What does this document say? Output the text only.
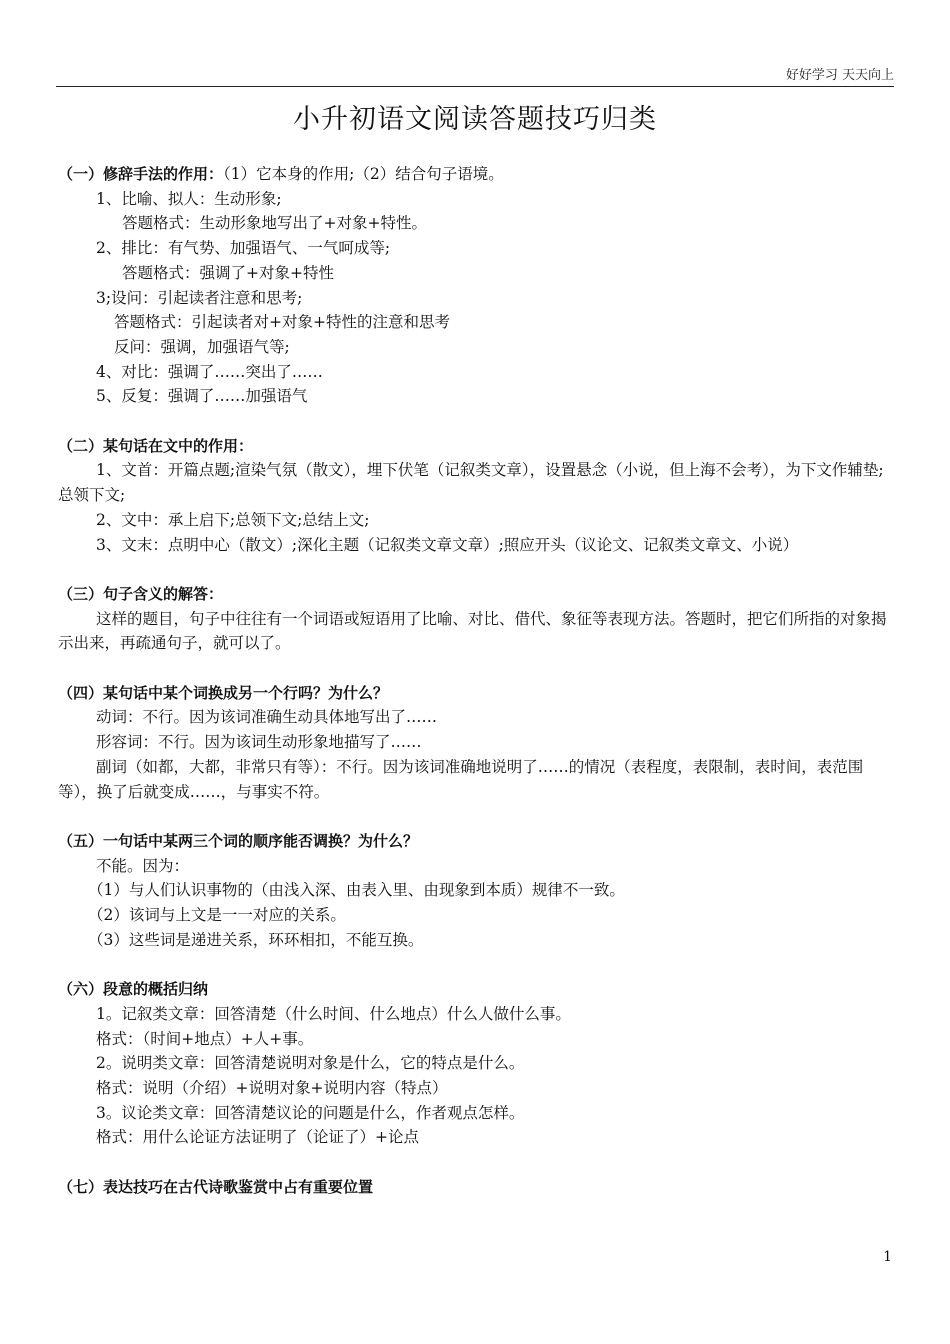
好好学习 天天向上
小升初语文阅读答题技巧归类
（一）修辞手法的作用：（1）它本身的作用;（2）结合句子语境。
1、比喻、拟人：生动形象;
答题格式：生动形象地写出了+对象+特性。
2、排比：有气势、加强语气、一气呵成等;
答题格式：强调了+对象+特性
3;设问：引起读者注意和思考;
答题格式：引起读者对+对象+特性的注意和思考
反问：强调，加强语气等;
4、对比：强调了……突出了……
5、反复：强调了……加强语气
（二）某句话在文中的作用：
1、文首：开篇点题;渲染气氛（散文），埋下伏笔（记叙类文章），设置悬念（小说，但上海不会考），为下文作辅垫;总领下文;
2、文中：承上启下;总领下文;总结上文;
3、文末：点明中心（散文）;深化主题（记叙类文章文章）;照应开头（议论文、记叙类文章文、小说）
（三）句子含义的解答：
这样的题目，句子中往往有一个词语或短语用了比喻、对比、借代、象征等表现方法。答题时，把它们所指的对象揭示出来，再疏通句子，就可以了。
（四）某句话中某个词换成另一个行吗？为什么？
动词：不行。因为该词准确生动具体地写出了……
形容词：不行。因为该词生动形象地描写了……
副词（如都，大都，非常只有等）：不行。因为该词准确地说明了……的情况（表程度，表限制，表时间，表范围等），换了后就变成……，与事实不符。
（五）一句话中某两三个词的顺序能否调换？为什么？
不能。因为：
（1）与人们认识事物的（由浅入深、由表入里、由现象到本质）规律不一致。
（2）该词与上文是一一对应的关系。
（3）这些词是递进关系，环环相扣，不能互换。
（六）段意的概括归纳
1。记叙类文章：回答清楚（什么时间、什么地点）什么人做什么事。
格式：（时间+地点）+人+事。
2。说明类文章：回答清楚说明对象是什么，它的特点是什么。
格式：说明（介绍）+说明对象+说明内容（特点）
3。议论类文章：回答清楚议论的问题是什么，作者观点怎样。
格式：用什么论证方法证明了（论证了）+论点
（七）表达技巧在古代诗歌鉴赏中占有重要位置
1
